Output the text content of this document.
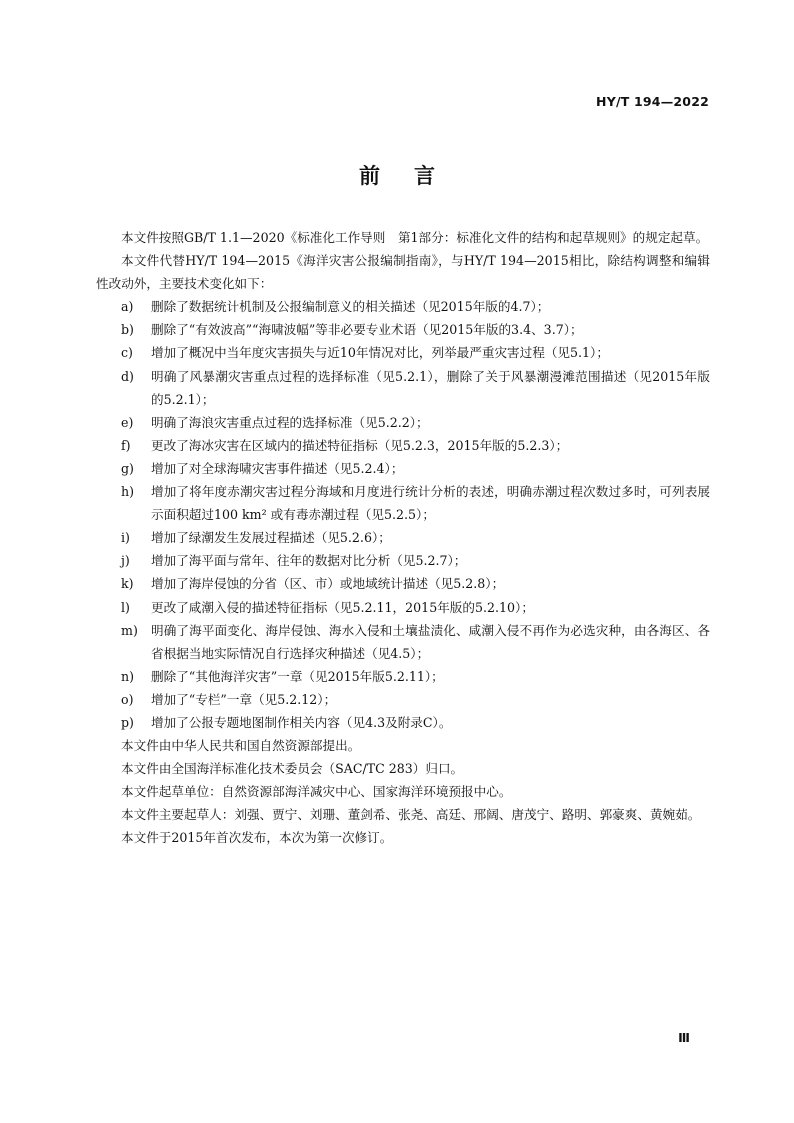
HY/T 194—2022
前言

本文件按照GB/T 1.1—2020《标准化工作导则　第1部分：标准化文件的结构和起草规则》的规定起草。

本文件代替HY/T 194—2015《海洋灾害公报编制指南》，与HY/T 194—2015相比，除结构调整和编辑性改动外，主要技术变化如下：

a)	删除了数据统计机制及公报编制意义的相关描述（见2015年版的4.7）；
b)	删除了“有效波高”“海啸波幅”等非必要专业术语（见2015年版的3.4、3.7）；
c)	增加了概况中当年度灾害损失与近10年情况对比，列举最严重灾害过程（见5.1）；
d)	明确了风暴潮灾害重点过程的选择标准（见5.2.1），删除了关于风暴潮漫滩范围描述（见2015年版的5.2.1）；
e)	明确了海浪灾害重点过程的选择标准（见5.2.2）；
f)	更改了海冰灾害在区域内的描述特征指标（见5.2.3，2015年版的5.2.3）；
g)	增加了对全球海啸灾害事件描述（见5.2.4）；
h)	增加了将年度赤潮灾害过程分海域和月度进行统计分析的表述，明确赤潮过程次数过多时，可列表展示面积超过100 km² 或有毒赤潮过程（见5.2.5）；
i)	增加了绿潮发生发展过程描述（见5.2.6）；
j)	增加了海平面与常年、往年的数据对比分析（见5.2.7）；
k)	增加了海岸侵蚀的分省（区、市）或地域统计描述（见5.2.8）；
l)	更改了咸潮入侵的描述特征指标（见5.2.11，2015年版的5.2.10）；
m)	明确了海平面变化、海岸侵蚀、海水入侵和土壤盐渍化、咸潮入侵不再作为必选灾种，由各海区、各省根据当地实际情况自行选择灾种描述（见4.5）；
n)	删除了“其他海洋灾害”一章（见2015年版5.2.11）；
o)	增加了“专栏”一章（见5.2.12）；
p)	增加了公报专题地图制作相关内容（见4.3及附录C）。

本文件由中华人民共和国自然资源部提出。

本文件由全国海洋标准化技术委员会（SAC/TC 283）归口。

本文件起草单位：自然资源部海洋减灾中心、国家海洋环境预报中心。

本文件主要起草人：刘强、贾宁、刘珊、董剑希、张尧、高廷、邢阔、唐茂宁、路明、郭豪爽、黄婉茹。

本文件于2015年首次发布，本次为第一次修订。

Ⅲ
